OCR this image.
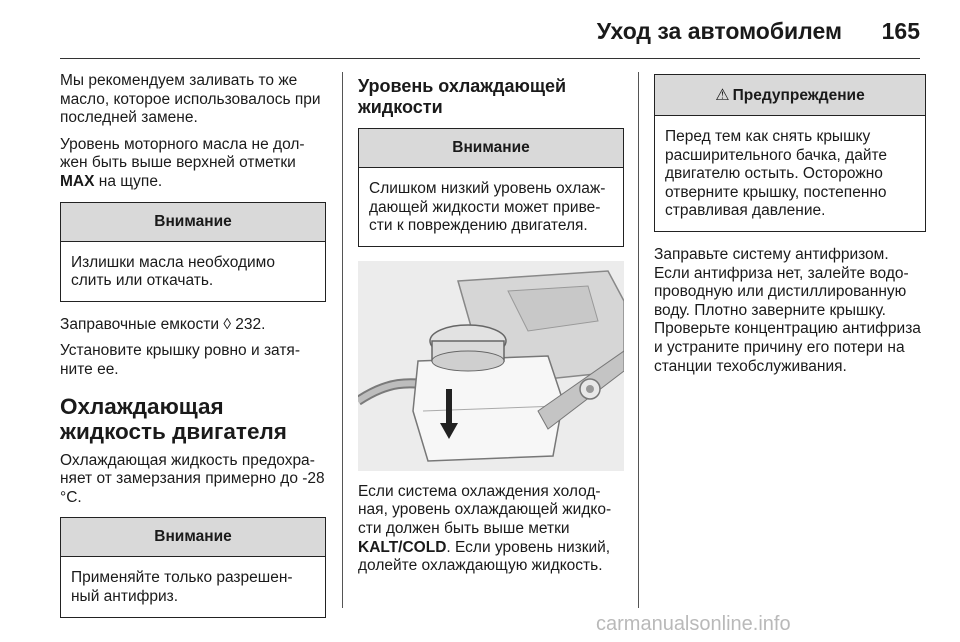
Уход за автомобилем 165

Мы рекомендуем заливать то же масло, которое использовалось при последней замене.

Уровень моторного масла не должен быть выше верхней отметки MAX на щупе.

Внимание
Излишки масла необходимо слить или откачать.

Заправочные емкости ◊ 232.

Установите крышку ровно и затяните ее.

Охлаждающая жидкость двигателя

Охлаждающая жидкость предохраняет от замерзания примерно до -28 °C.

Внимание
Применяйте только разрешенный антифриз.
Уровень охлаждающей жидкости
Внимание
Слишком низкий уровень охлаждающей жидкости может привести к повреждению двигателя.

Если система охлаждения холодная, уровень охлаждающей жидкости должен быть выше метки KALT/COLD. Если уровень низкий, долейте охлаждающую жидкость.

⚠ Предупреждение
Перед тем как снять крышку расширительного бачка, дайте двигателю остыть. Осторожно отверните крышку, постепенно стравливая давление.

Заправьте систему антифризом. Если антифриза нет, залейте водопроводную или дистиллированную воду. Плотно заверните крышку. Проверьте концентрацию антифриза и устраните причину его потери на станции техобслуживания.

carmanualsonline.info
